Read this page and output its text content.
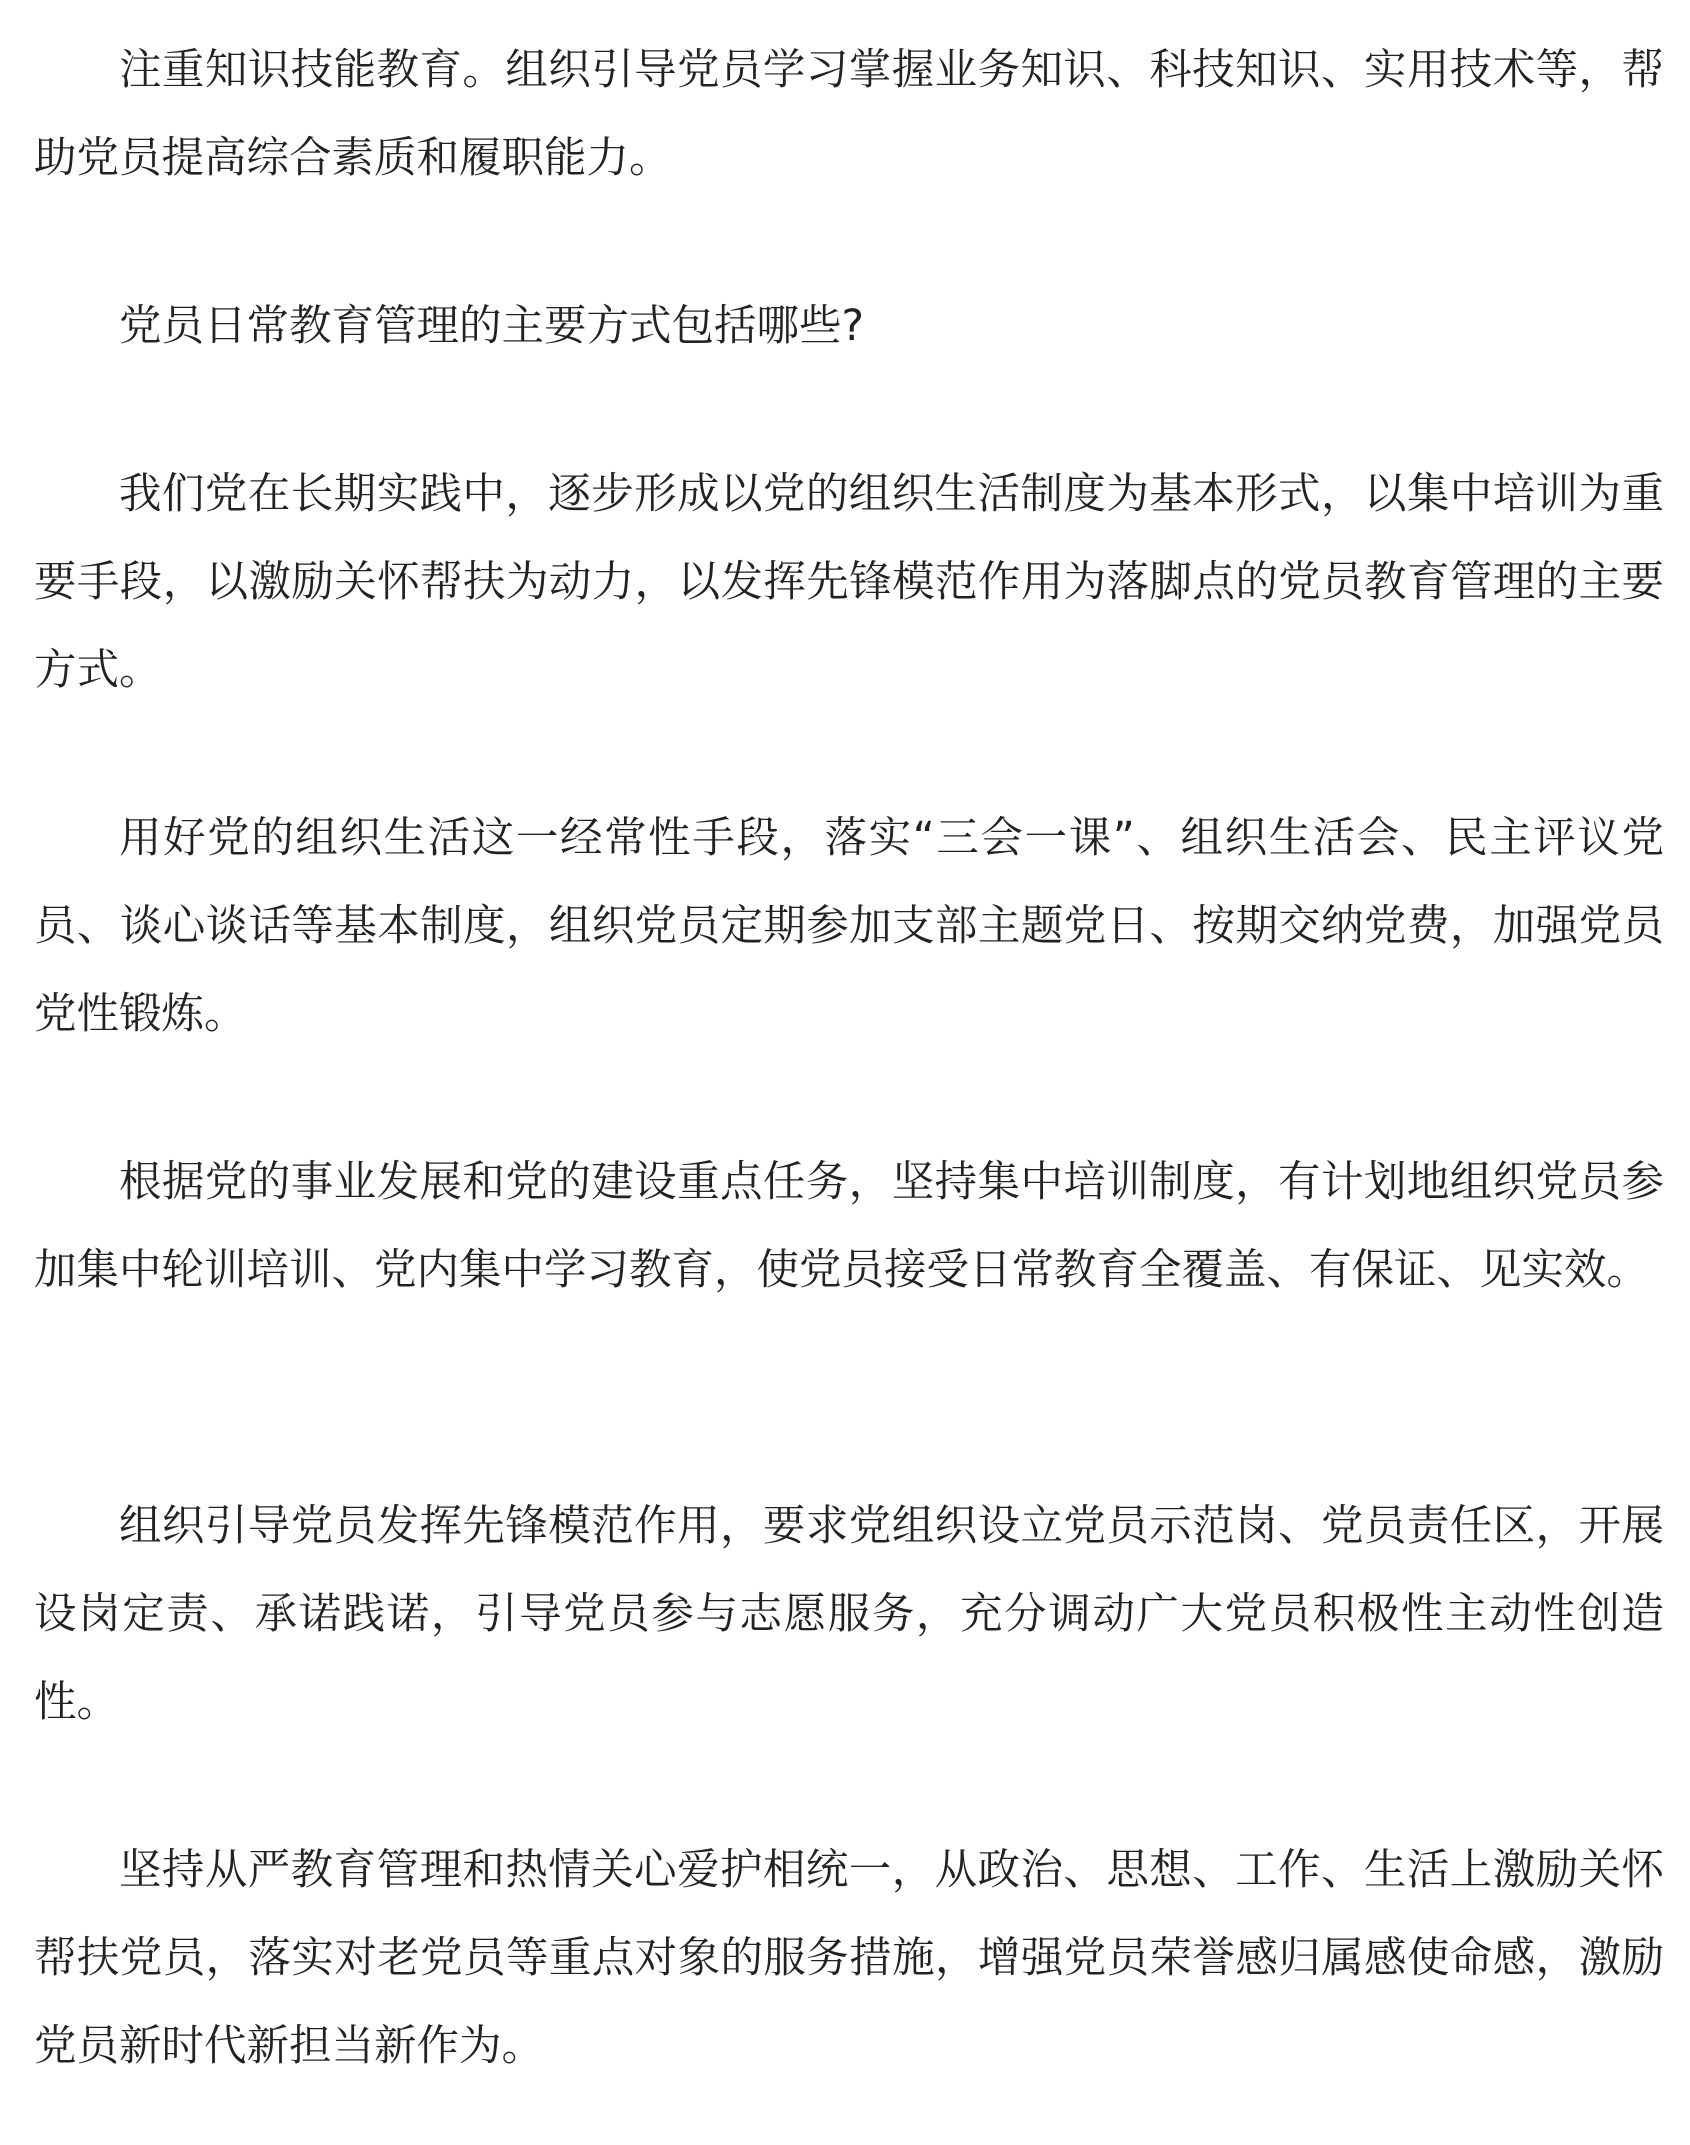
注重知识技能教育。组织引导党员学习掌握业务知识、科技知识、实用技术等，帮助党员提高综合素质和履职能力。

党员日常教育管理的主要方式包括哪些?

我们党在长期实践中，逐步形成以党的组织生活制度为基本形式，以集中培训为重要手段，以激励关怀帮扶为动力，以发挥先锋模范作用为落脚点的党员教育管理的主要方式。

用好党的组织生活这一经常性手段，落实“三会一课”、组织生活会、民主评议党员、谈心谈话等基本制度，组织党员定期参加支部主题党日、按期交纳党费，加强党员党性锻炼。

根据党的事业发展和党的建设重点任务，坚持集中培训制度，有计划地组织党员参加集中轮训培训、党内集中学习教育，使党员接受日常教育全覆盖、有保证、见实效。

组织引导党员发挥先锋模范作用，要求党组织设立党员示范岗、党员责任区，开展设岗定责、承诺践诺，引导党员参与志愿服务，充分调动广大党员积极性主动性创造性。

坚持从严教育管理和热情关心爱护相统一，从政治、思想、工作、生活上激励关怀帮扶党员，落实对老党员等重点对象的服务措施，增强党员荣誉感归属感使命感，激励党员新时代新担当新作为。
